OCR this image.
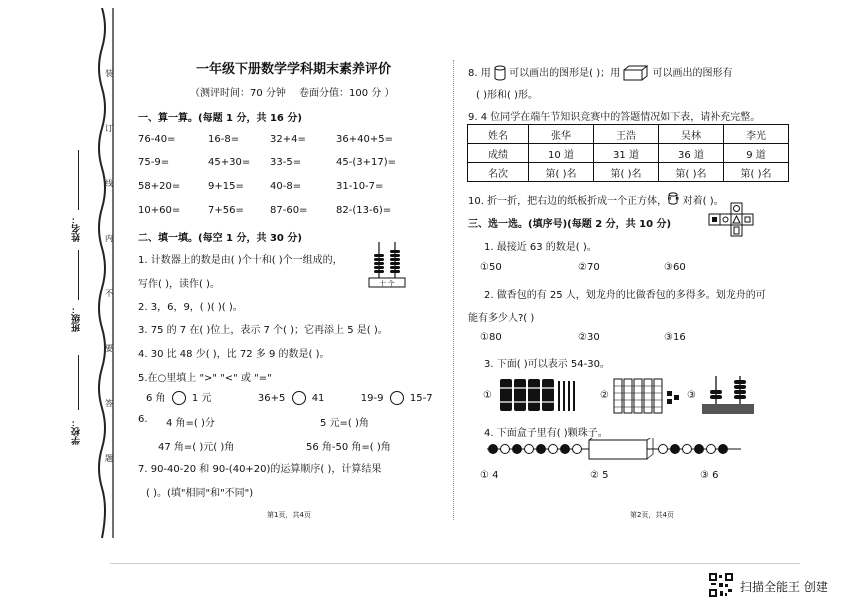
装
订
线
内
不
要
答
题
姓名：
班级：
学校：
一年级下册数学学科期末素养评价
（测评时间：70 分钟 卷面分值：100 分 ）
一、算一算。(每题 1 分，共 16 分)
76-40=	16-8=	32+4=	36+40+5=
75-9=	45+30= 33-5=	45-(3+17)=
58+20=	9+15=	40-8=	31-10-7=
10+60=	7+56=	87-60=	82-(13-6)=
二、填一填。(每空 1 分，共 30 分)
1. 计数器上的数是由( )个十和( )个一组成的，
写作( )，读作( )。	十 个
2. 3，6，9，( )( )( )。
3. 75 的 7 在( )位上，表示 7 个( )；它再添上 5 是( )。
4. 30 比 48 少( )，比 72 多 9 的数是( )。
5.在○里填上 ">" "<" 或 "="
6 角	1 元	36+5	41	19-9	15-7
6. 4 角=( )分	5 元=( )角
47 角=( )元( )角	56 角-50 角=( )角
7. 90-40-20 和 90-(40+20)的运算顺序( )，计算结果
( )。(填"相同"和"不同")
第1页，共4页
8. 用 可以画出的图形是( )；用	可以画出的图形有
( )形和( )形。
9. 4 位同学在端午节知识竞赛中的答题情况如下表，请补充完整。
姓名	张华	王浩	吴林	李光
成绩	10 道	31 道	36 道	9 道
名次	第( )名	第( )名	第( )名	第( )名
10. 折一折，把右边的纸板折成一个正方体，" " 对着( )。
三、选一选。(填序号)(每题 2 分，共 10 分)
1. 最接近 63 的数是( )。
①50	②70	③60
2. 做香包的有 25 人，划龙舟的比做香包的多得多。划龙舟的可
能有多少人?( )
①80	②30	③16
3. 下面( )可以表示 54-30。
①	②	③
4. 下面盒子里有( )颗珠子。
① 4	② 5	③ 6
第2页，共4页
扫描全能王 创建
